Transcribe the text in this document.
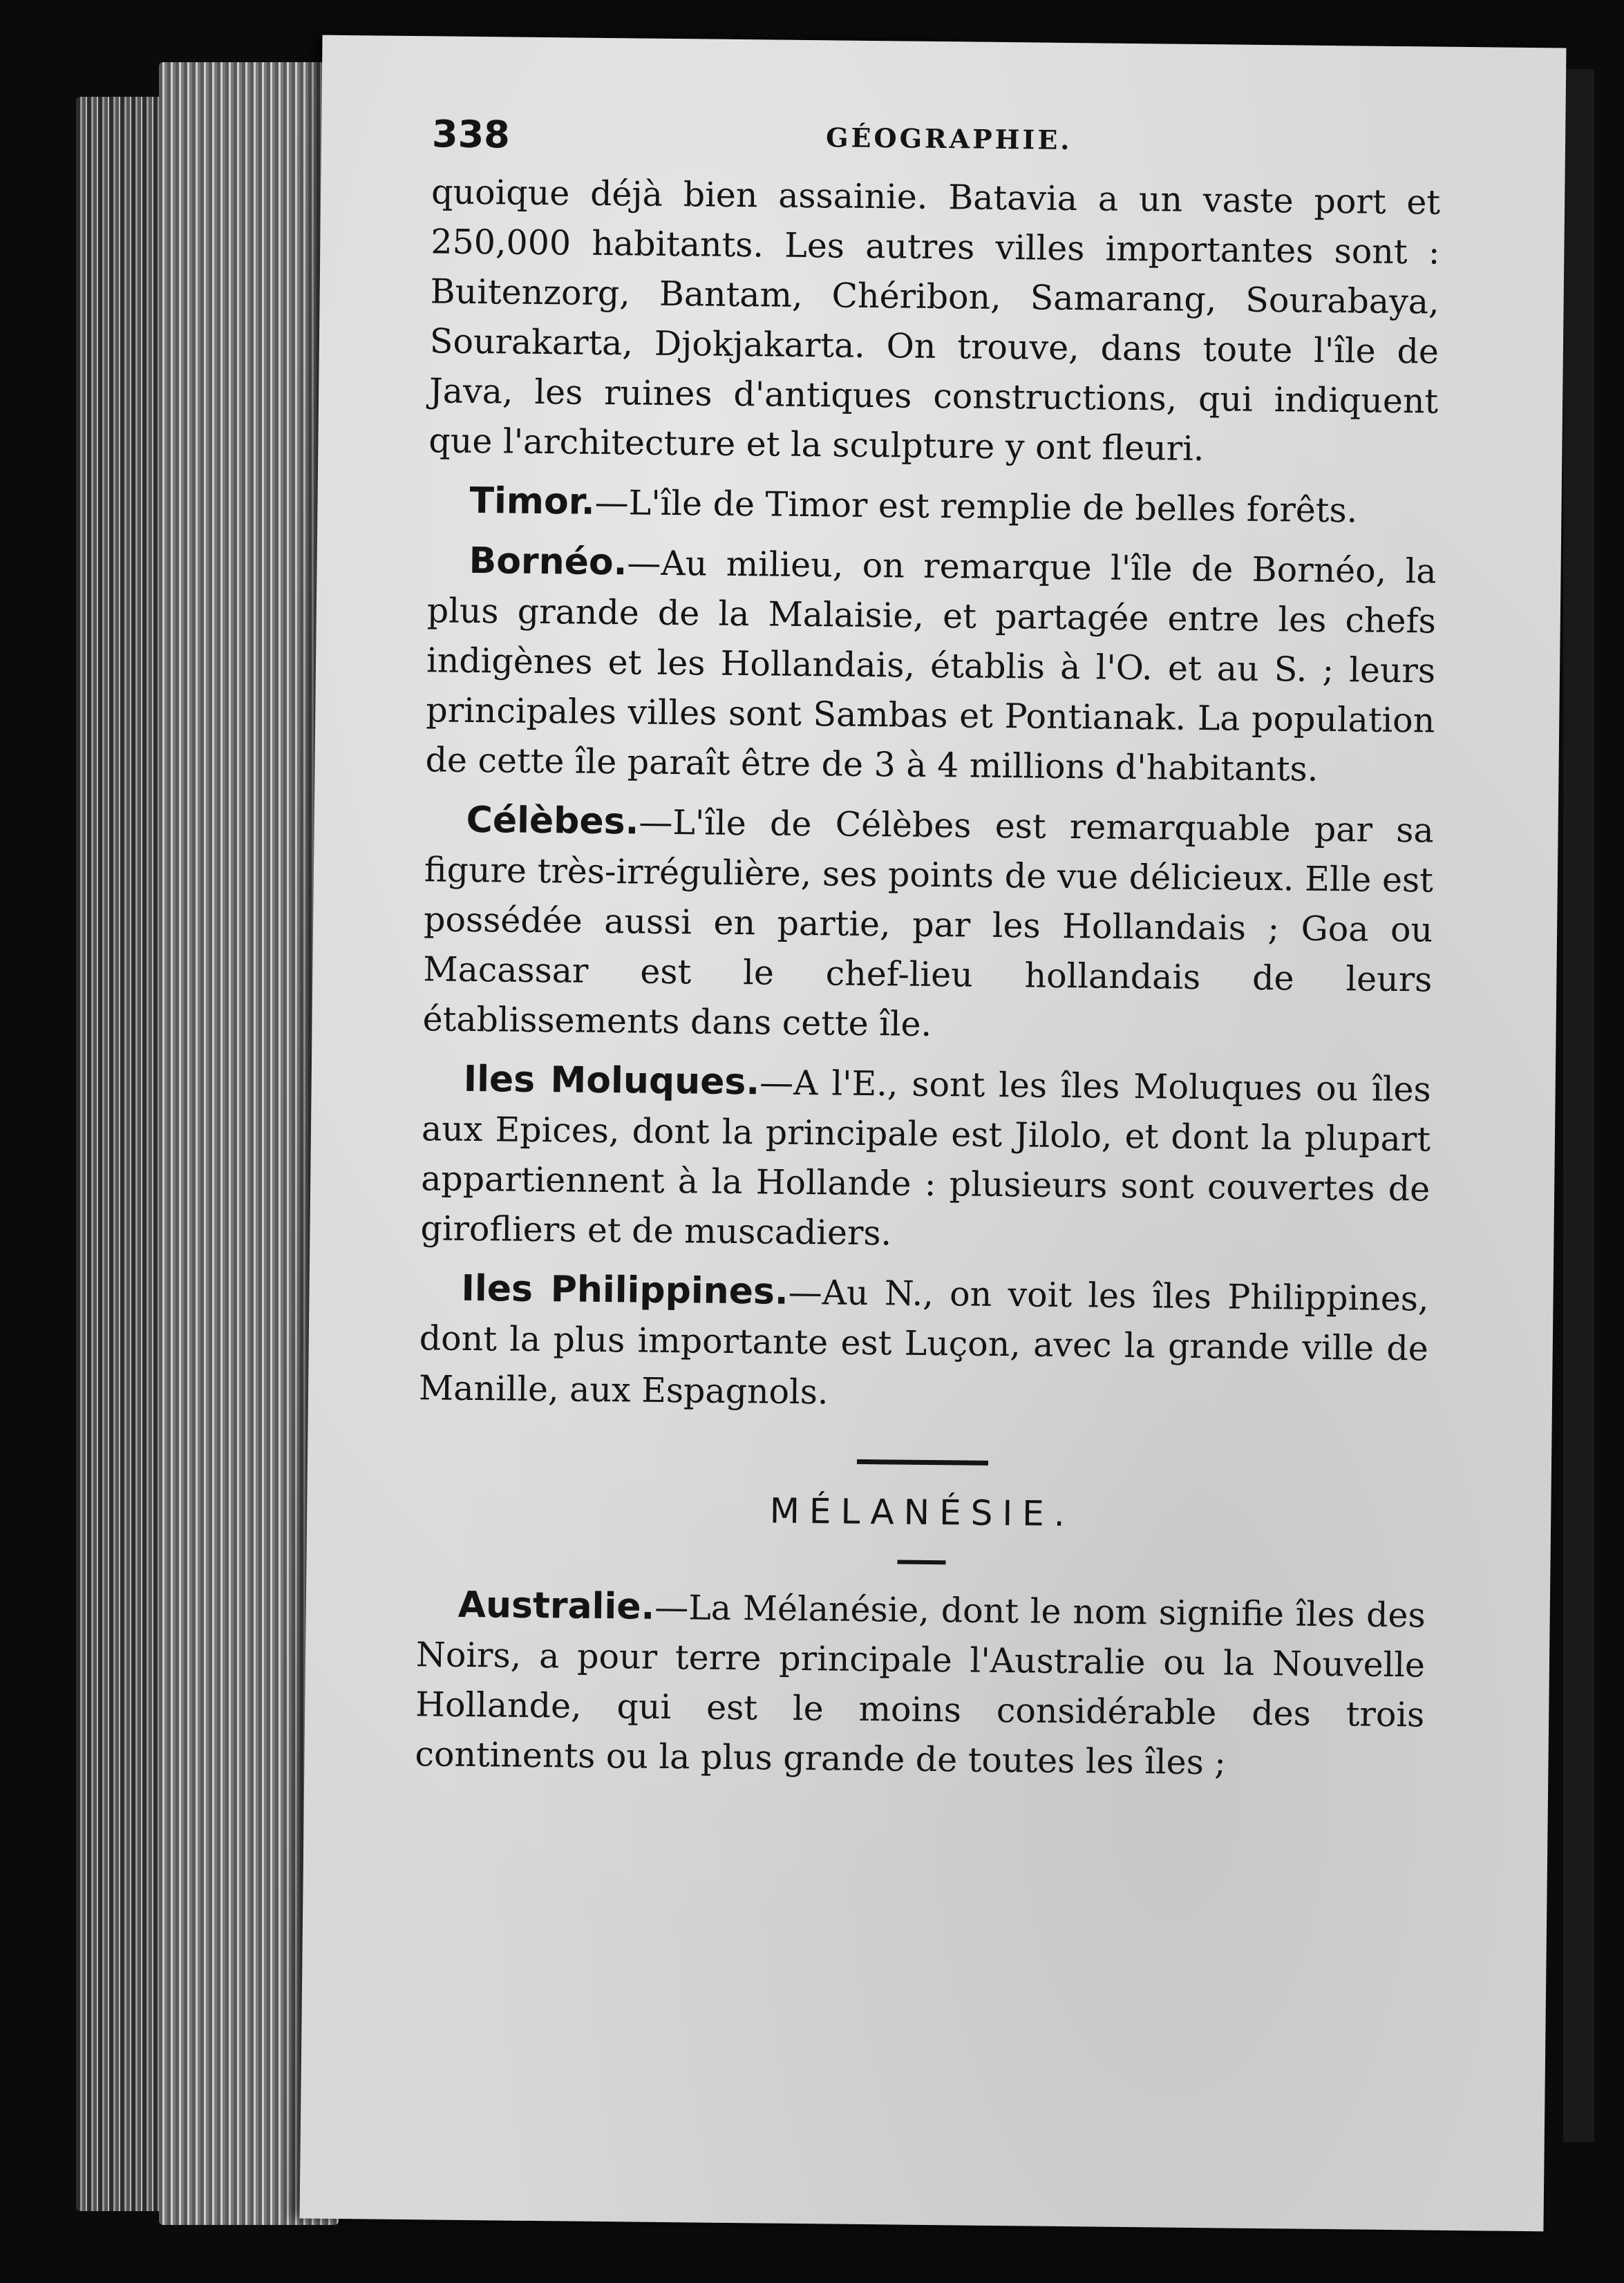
338	GÉOGRAPHIE.

quoique déjà bien assainie. Batavia a un vaste port et 250,000 habitants. Les autres villes importantes sont : Buitenzorg, Bantam, Chéribon, Samarang, Sourabaya, Sourakarta, Djokjakarta. On trouve, dans toute l'île de Java, les ruines d'antiques constructions, qui indiquent que l'architecture et la sculpture y ont fleuri.

Timor.—L'île de Timor est remplie de belles forêts.

Bornéo.—Au milieu, on remarque l'île de Bornéo, la plus grande de la Malaisie, et partagée entre les chefs indigènes et les Hollandais, établis à l'O. et au S. ; leurs principales villes sont Sambas et Pontianak. La population de cette île paraît être de 3 à 4 millions d'habitants.

Célèbes.—L'île de Célèbes est remarquable par sa figure très-irrégulière, ses points de vue délicieux. Elle est possédée aussi en partie, par les Hollandais ; Goa ou Macassar est le chef-lieu hollandais de leurs établissements dans cette île.

Iles Moluques.—A l'E., sont les îles Moluques ou îles aux Epices, dont la principale est Jilolo, et dont la plupart appartiennent à la Hollande : plusieurs sont couvertes de girofliers et de muscadiers.

Iles Philippines.—Au N., on voit les îles Philippines, dont la plus importante est Luçon, avec la grande ville de Manille, aux Espagnols.

MÉLANÉSIE.

Australie.—La Mélanésie, dont le nom signifie îles des Noirs, a pour terre principale l'Australie ou la Nouvelle Hollande, qui est le moins considérable des trois continents ou la plus grande de toutes les îles ;
